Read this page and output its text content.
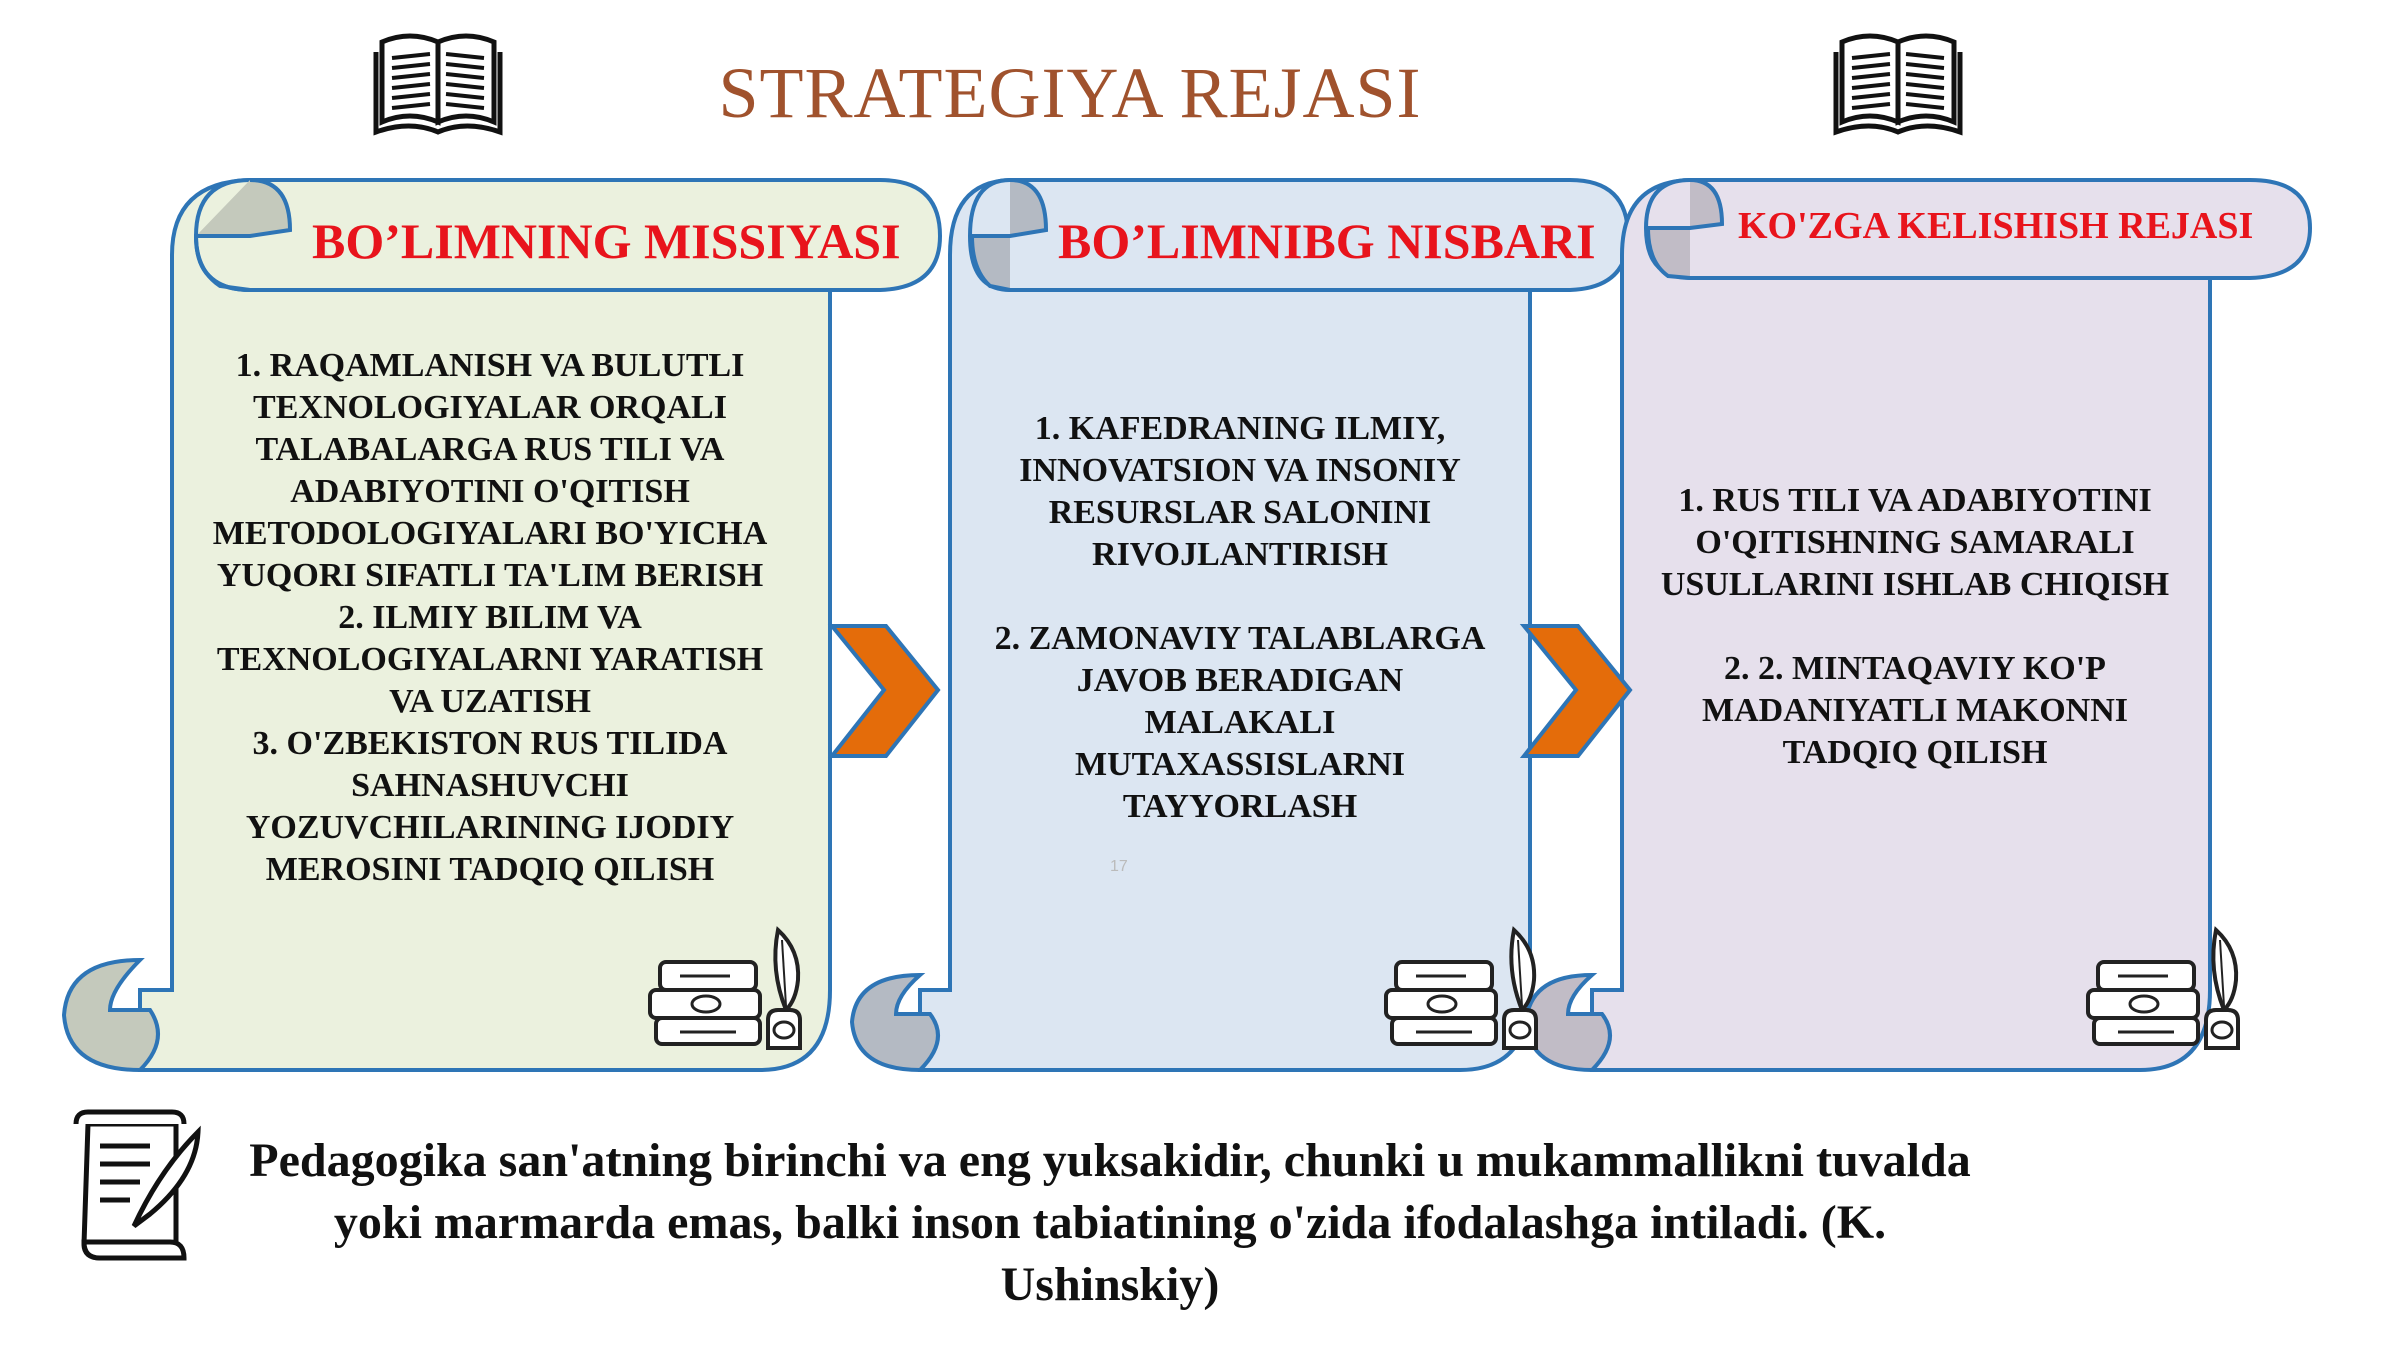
STRATEGIYA REJASI
BO’LIMNING MISSIYASI	BO’LIMNIBG NISBARI	KO'ZGA KELISHISH REJASI

1. RAQAMLANISH VA BULUTLI TEXNOLOGIYALAR ORQALI TALABALARGA RUS TILI VA ADABIYOTINI O'QITISH METODOLOGIYALARI BO'YICHA YUQORI SIFATLI TA'LIM BERISH

2. ILMIY BILIM VA TEXNOLOGIYALARNI YARATISH VA UZATISH

3. O'ZBEKISTON RUS TILIDA SAHNASHUVCHI YOZUVCHILARINING IJODIY MEROSINI TADQIQ QILISH

1. KAFEDRANING ILMIY, INNOVATSION VA INSONIY RESURSLAR SALONINI RIVOJLANTIRISH

2. ZAMONAVIY TALABLARGA JAVOB BERADIGAN MALAKALI MUTAXASSISLARNI TAYYORLASH

1. RUS TILI VA ADABIYOTINI O'QITISHNING SAMARALI USULLARINI ISHLAB CHIQISH

2. 2. MINTAQAVIY KO'P MADANIYATLI MAKONNI TADQIQ QILISH

17
Pedagogika san'atning birinchi va eng yuksakidir, chunki u mukammallikni tuvalda yoki marmarda emas, balki inson tabiatining o'zida ifodalashga intiladi. (K. Ushinskiy)
